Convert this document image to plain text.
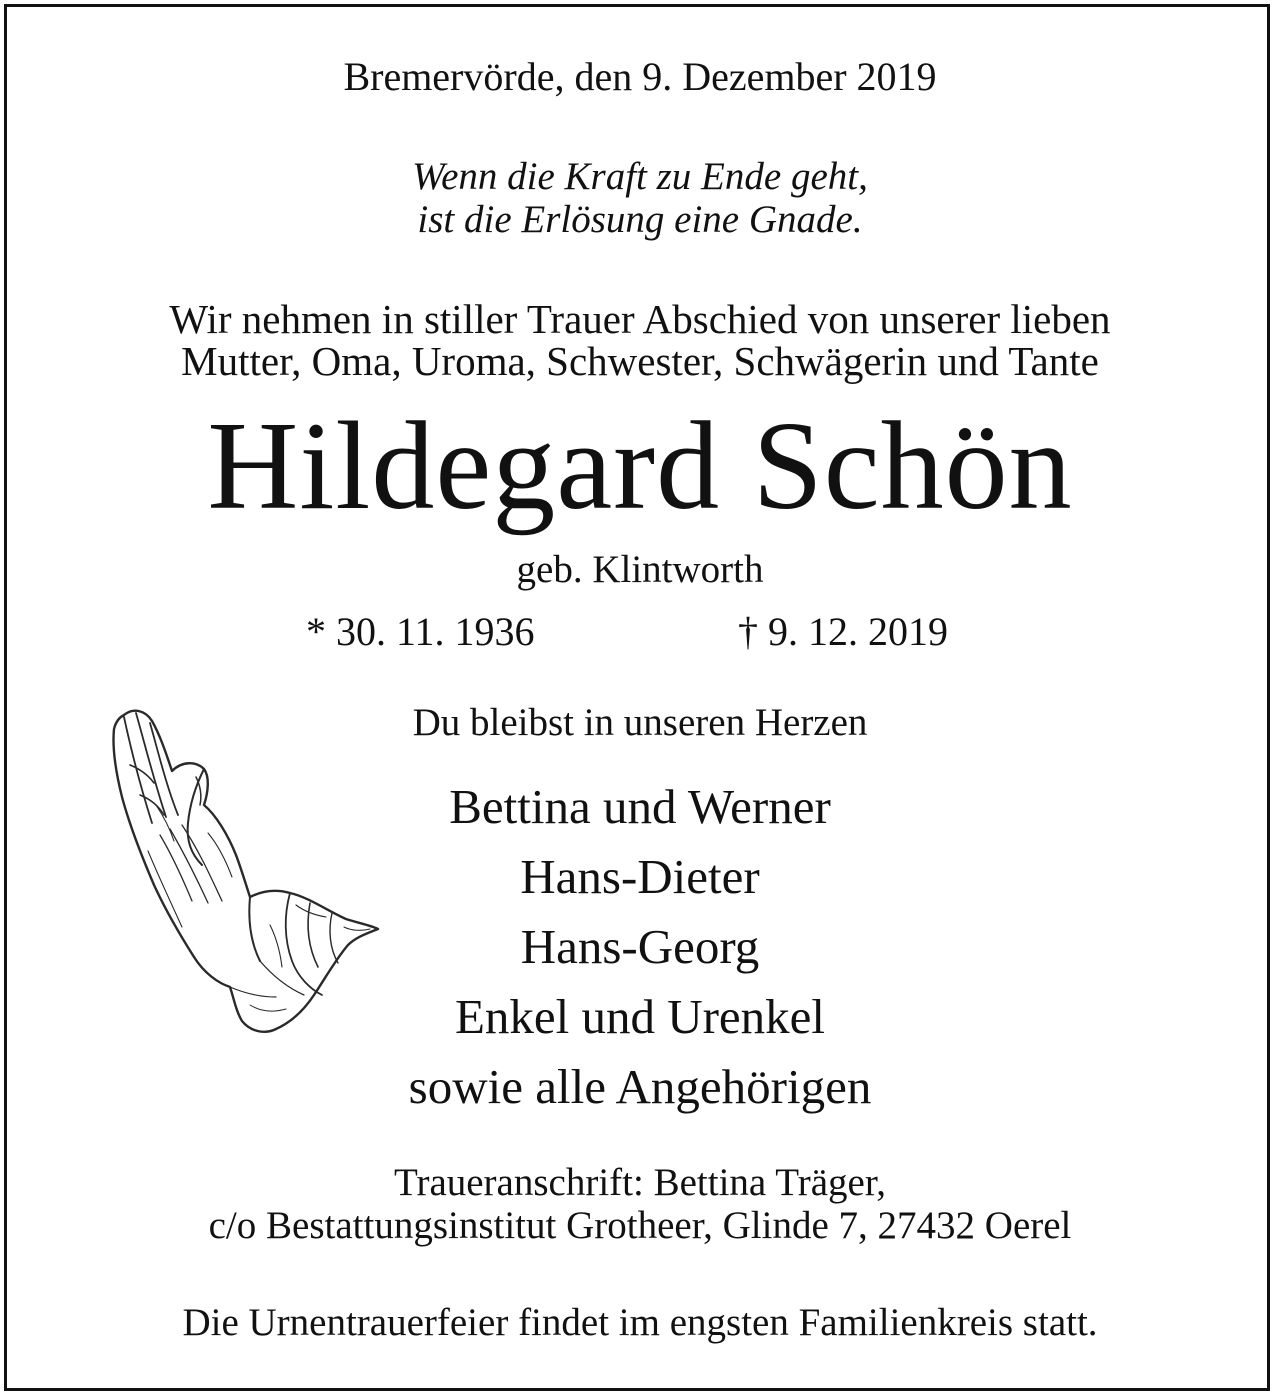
Bremervörde, den 9. Dezember 2019
Wenn die Kraft zu Ende geht,
ist die Erlösung eine Gnade.
Wir nehmen in stiller Trauer Abschied von unserer lieben
Mutter, Oma, Uroma, Schwester, Schwägerin und Tante
Hildegard Schön
geb. Klintworth
* 30. 11. 1936	† 9. 12. 2019
Du bleibst in unseren Herzen
Bettina und Werner
Hans-Dieter
Hans-Georg
Enkel und Urenkel
sowie alle Angehörigen
Traueranschrift: Bettina Träger,
c/o Bestattungsinstitut Grotheer, Glinde 7, 27432 Oerel
Die Urnentrauerfeier findet im engsten Familienkreis statt.
